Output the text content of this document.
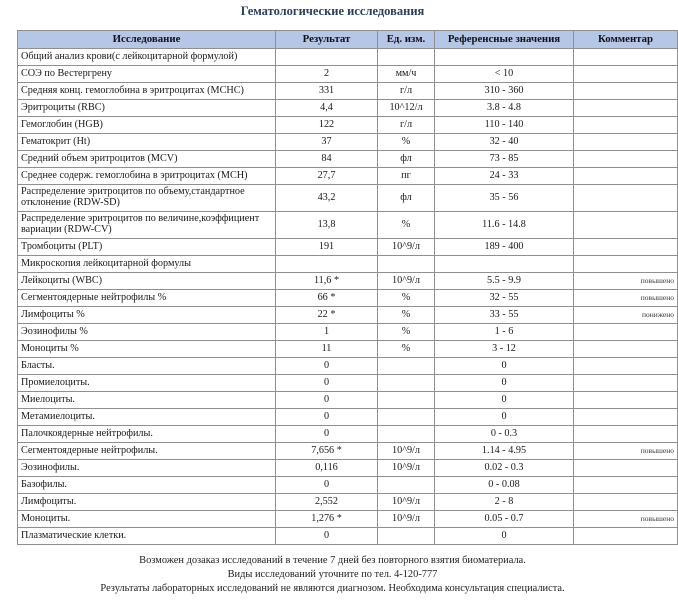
Гематологические исследования
Исследование	Результат	Ед. изм.	Референсные значения	Комментар
Общий анализ крови(с лейкоцитарной формулой)				
СОЭ по Вестергрену	2	мм/ч	< 10	
Средняя конц. гемоглобина в эритроцитах (MCHC)	331	г/л	310 - 360	
Эритроциты (RBC)	4,4	10^12/л	3.8 - 4.8	
Гемоглобин (HGB)	122	г/л	110 - 140	
Гематокрит (Ht)	37	%	32 - 40	
Средний объем эритроцитов (MCV)	84	фл	73 - 85	
Среднее содерж. гемоглобина в эритроцитах (MCH)	27,7	пг	24 - 33	
Распределение эритроцитов по объему,стандартное отклонение (RDW-SD)	43,2	фл	35 - 56	
Распределение эритроцитов по величине,коэффициент вариации (RDW-CV)	13,8	%	11.6 - 14.8	
Тромбоциты (PLT)	191	10^9/л	189 - 400	
Микроскопия лейкоцитарной формулы				
Лейкоциты (WBC)	11,6 *	10^9/л	5.5 - 9.9	повышено
Сегментоядерные нейтрофилы %	66 *	%	32 - 55	повышено
Лимфоциты %	22 *	%	33 - 55	понижено
Эозинофилы %	1	%	1 - 6	
Моноциты %	11	%	3 - 12	
Бласты.	0		0	
Промиелоциты.	0		0	
Миелоциты.	0		0	
Метамиелоциты.	0		0	
Палочкоядерные нейтрофилы.	0		0 - 0.3	
Сегментоядерные нейтрофилы.	7,656 *	10^9/л	1.14 - 4.95	повышено
Эозинофилы.	0,116	10^9/л	0.02 - 0.3	
Базофилы.	0		0 - 0.08	
Лимфоциты.	2,552	10^9/л	2 - 8	
Моноциты.	1,276 *	10^9/л	0.05 - 0.7	повышено
Плазматические клетки.	0		0	
Возможен дозаказ исследований в течение 7 дней без повторного взятия биоматериала.
Виды исследований уточните по тел. 4-120-777
Результаты лабораторных исследований не являются диагнозом. Необходима консультация специалиста.
